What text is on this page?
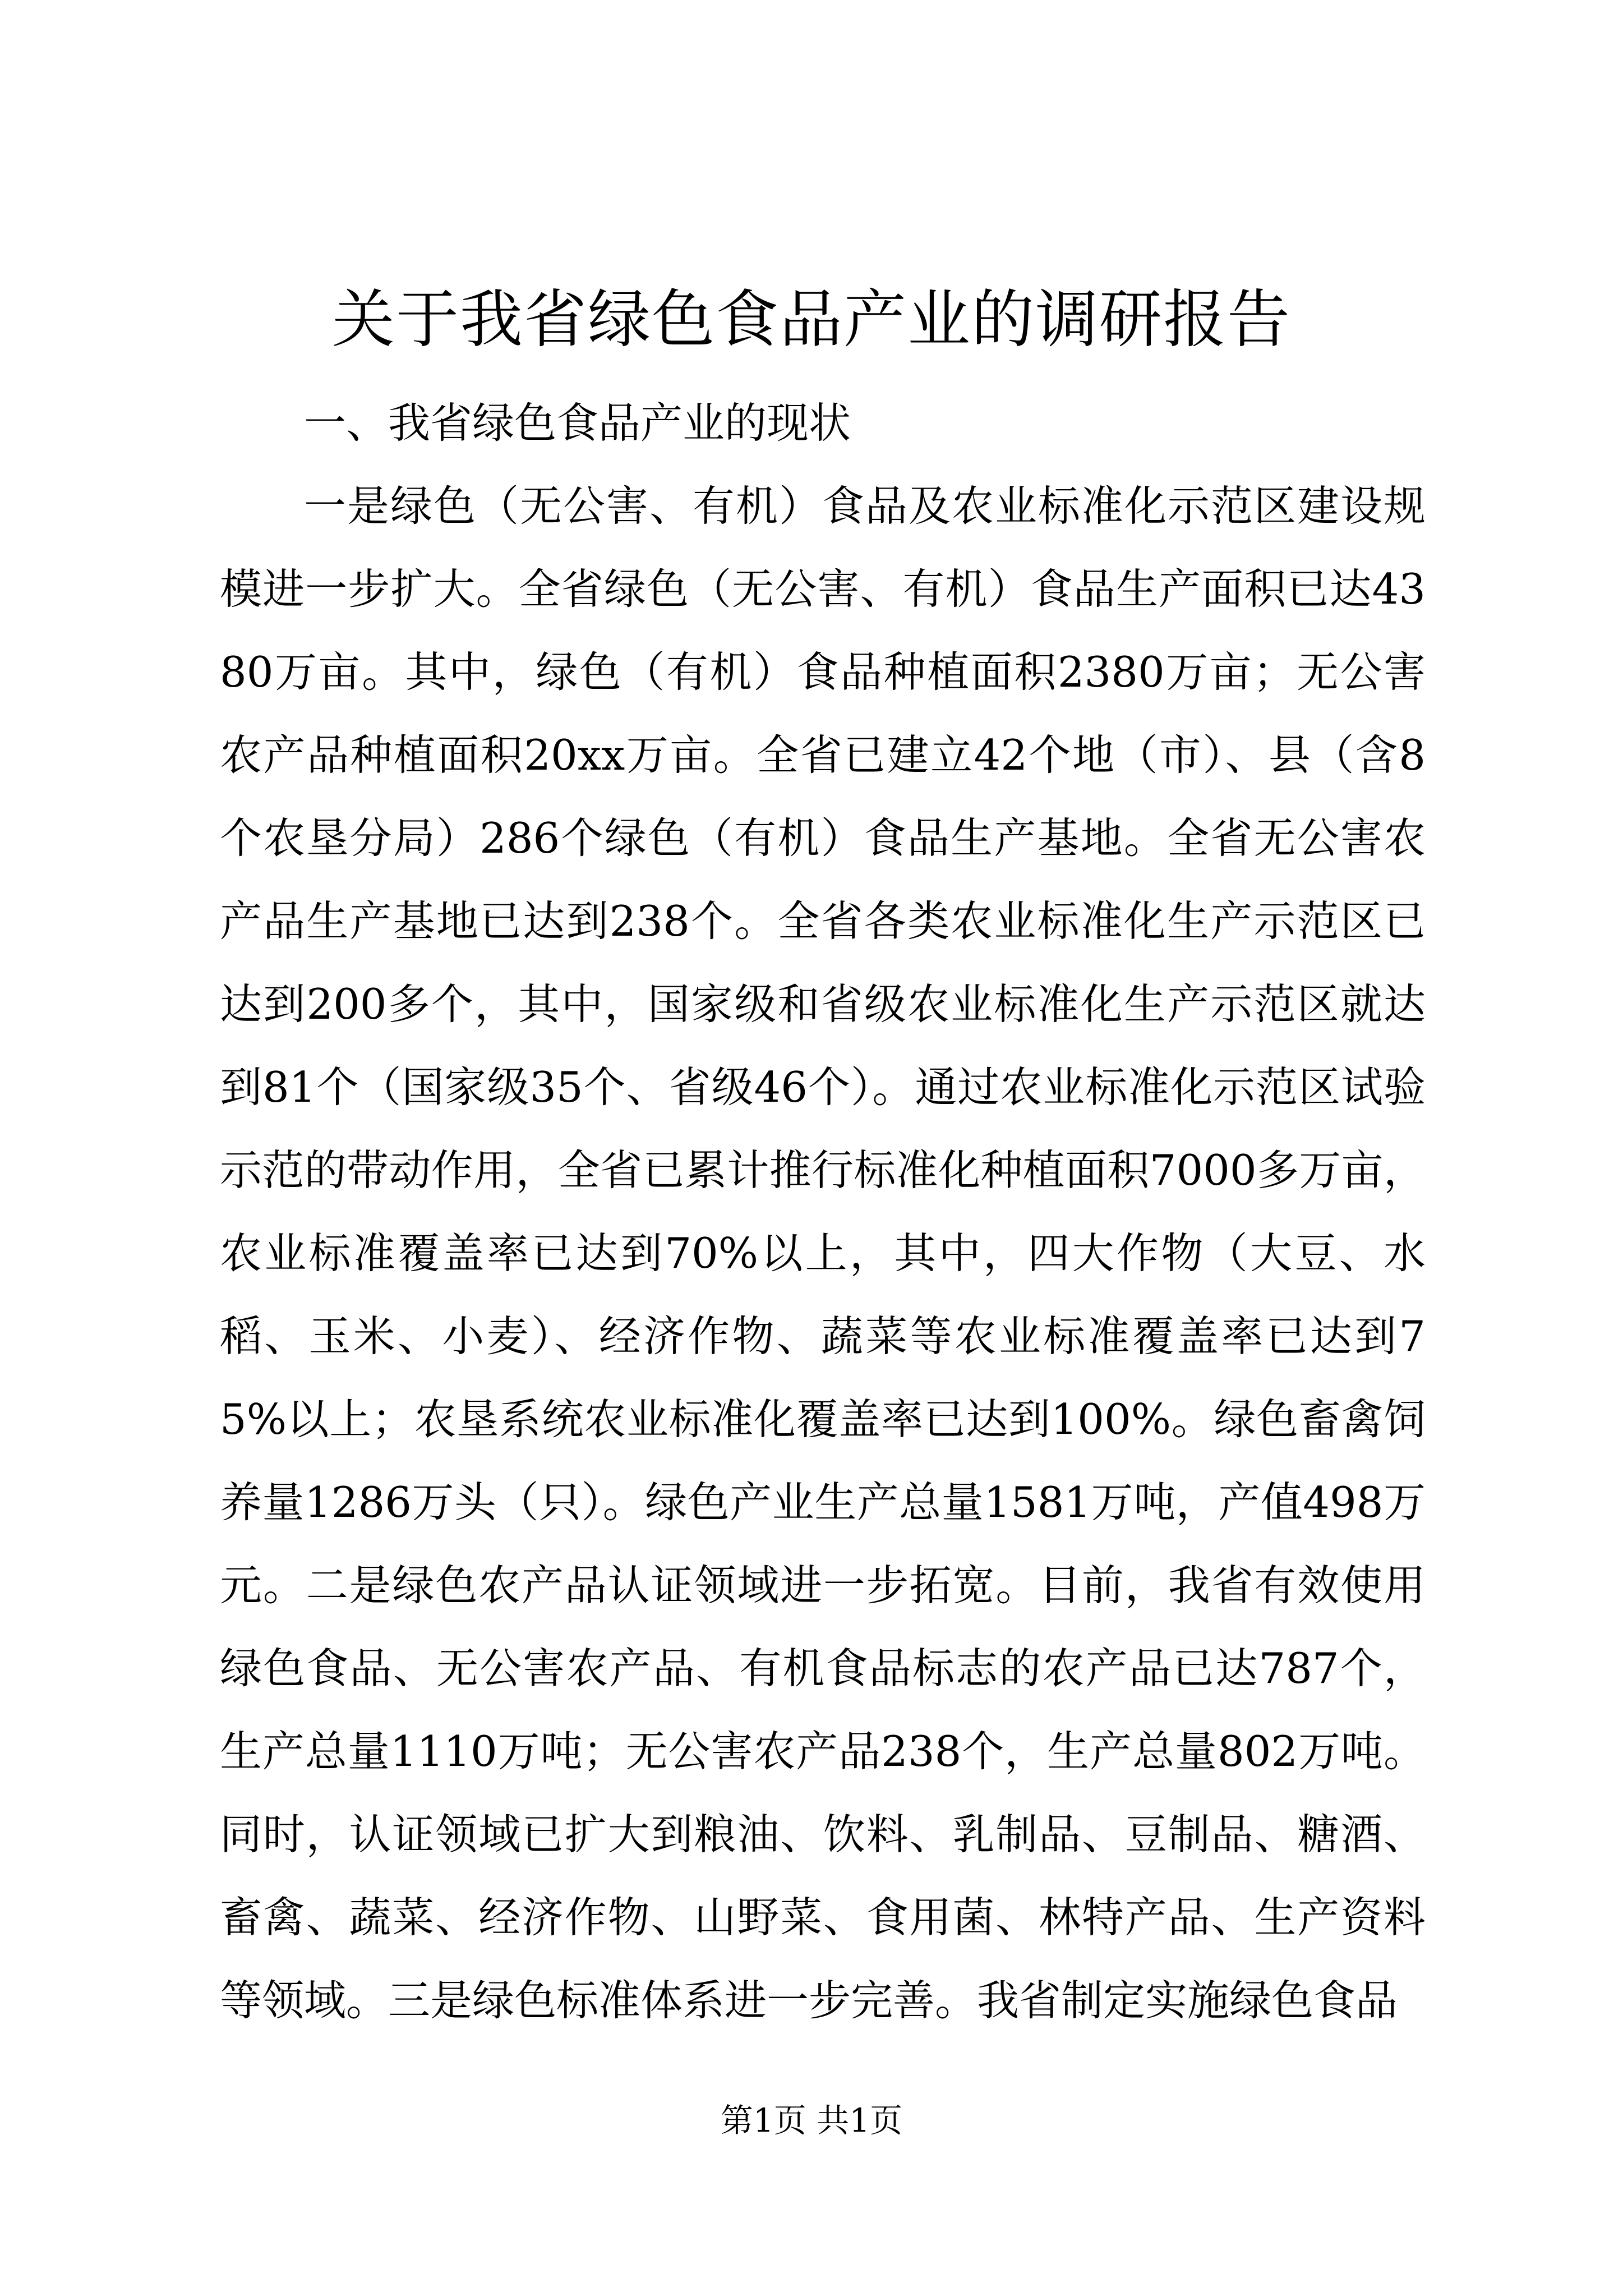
关于我省绿色食品产业的调研报告

一、我省绿色食品产业的现状

一是绿色（无公害、有机）食品及农业标准化示范区建设规模进一步扩大。全省绿色（无公害、有机）食品生产面积已达4380万亩。其中，绿色（有机）食品种植面积2380万亩；无公害农产品种植面积20xx万亩。全省已建立42个地（市）、县（含8个农垦分局）286个绿色（有机）食品生产基地。全省无公害农产品生产基地已达到238个。全省各类农业标准化生产示范区已达到200多个，其中，国家级和省级农业标准化生产示范区就达到81个（国家级35个、省级46个）。通过农业标准化示范区试验示范的带动作用，全省已累计推行标准化种植面积7000多万亩，农业标准覆盖率已达到70%以上，其中，四大作物（大豆、水稻、玉米、小麦）、经济作物、蔬菜等农业标准覆盖率已达到75%以上；农垦系统农业标准化覆盖率已达到100%。绿色畜禽饲养量1286万头（只）。绿色产业生产总量1581万吨，产值498万元。二是绿色农产品认证领域进一步拓宽。目前，我省有效使用绿色食品、无公害农产品、有机食品标志的农产品已达787个，生产总量1110万吨；无公害农产品238个，生产总量802万吨。同时，认证领域已扩大到粮油、饮料、乳制品、豆制品、糖酒、畜禽、蔬菜、经济作物、山野菜、食用菌、林特产品、生产资料等领域。三是绿色标准体系进一步完善。我省制定实施绿色食品

第1页 共1页
